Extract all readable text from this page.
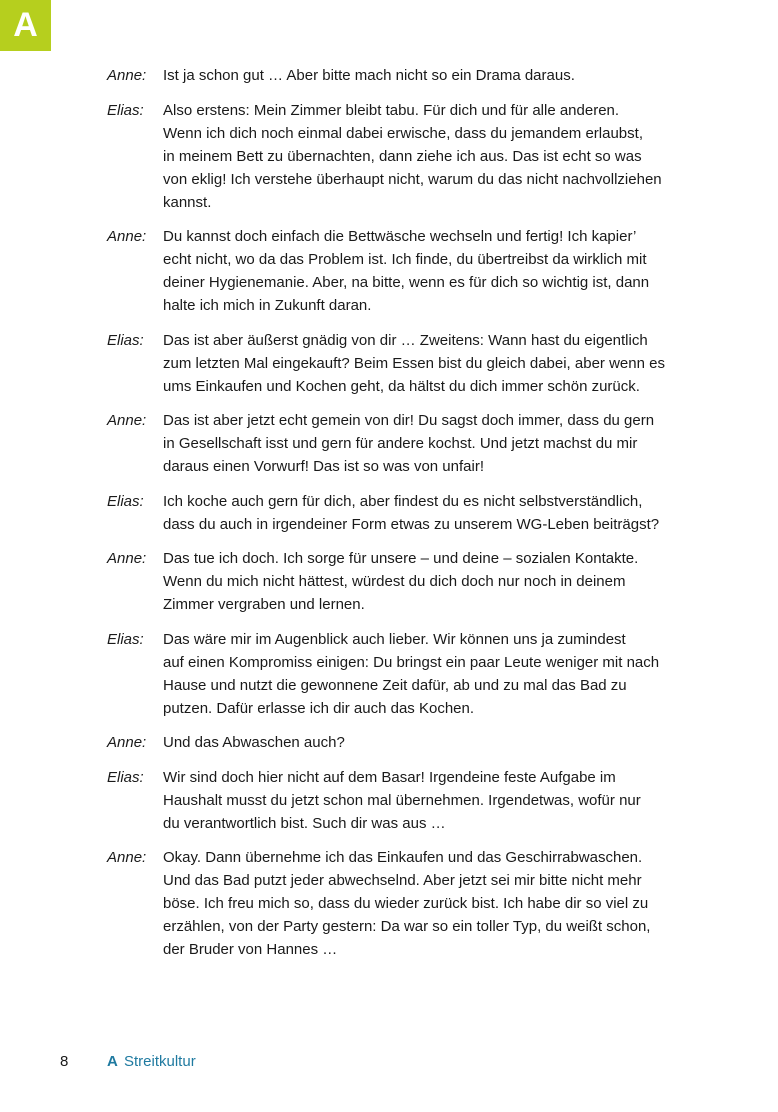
A
Anne:	Ist ja schon gut … Aber bitte mach nicht so ein Drama daraus.
Elias:	Also erstens: Mein Zimmer bleibt tabu. Für dich und für alle anderen.
Wenn ich dich noch einmal dabei erwische, dass du jemandem erlaubst,
in meinem Bett zu übernachten, dann ziehe ich aus. Das ist echt so was
von eklig! Ich verstehe überhaupt nicht, warum du das nicht nachvollziehen
kannst.
Anne:	Du kannst doch einfach die Bettwäsche wechseln und fertig! Ich kapier’
echt nicht, wo da das Problem ist. Ich finde, du übertreibst da wirklich mit
deiner Hygienemanie. Aber, na bitte, wenn es für dich so wichtig ist, dann
halte ich mich in Zukunft daran.
Elias:	Das ist aber äußerst gnädig von dir … Zweitens: Wann hast du eigentlich
zum letzten Mal eingekauft? Beim Essen bist du gleich dabei, aber wenn es
ums Einkaufen und Kochen geht, da hältst du dich immer schön zurück.
Anne:	Das ist aber jetzt echt gemein von dir! Du sagst doch immer, dass du gern
in Gesellschaft isst und gern für andere kochst. Und jetzt machst du mir
daraus einen Vorwurf! Das ist so was von unfair!
Elias:	Ich koche auch gern für dich, aber findest du es nicht selbstverständlich,
dass du auch in irgendeiner Form etwas zu unserem WG-Leben beiträgst?
Anne:	Das tue ich doch. Ich sorge für unsere – und deine – sozialen Kontakte.
Wenn du mich nicht hättest, würdest du dich doch nur noch in deinem
Zimmer vergraben und lernen.
Elias:	Das wäre mir im Augenblick auch lieber. Wir können uns ja zumindest
auf einen Kompromiss einigen: Du bringst ein paar Leute weniger mit nach
Hause und nutzt die gewonnene Zeit dafür, ab und zu mal das Bad zu
putzen. Dafür erlasse ich dir auch das Kochen.
Anne:	Und das Abwaschen auch?
Elias:	Wir sind doch hier nicht auf dem Basar! Irgendeine feste Aufgabe im
Haushalt musst du jetzt schon mal übernehmen. Irgendetwas, wofür nur
du verantwortlich bist. Such dir was aus …
Anne:	Okay. Dann übernehme ich das Einkaufen und das Geschirrabwaschen.
Und das Bad putzt jeder abwechselnd. Aber jetzt sei mir bitte nicht mehr
böse. Ich freu mich so, dass du wieder zurück bist. Ich habe dir so viel zu
erzählen, von der Party gestern: Da war so ein toller Typ, du weißt schon,
der Bruder von Hannes …
8	A Streitkultur
